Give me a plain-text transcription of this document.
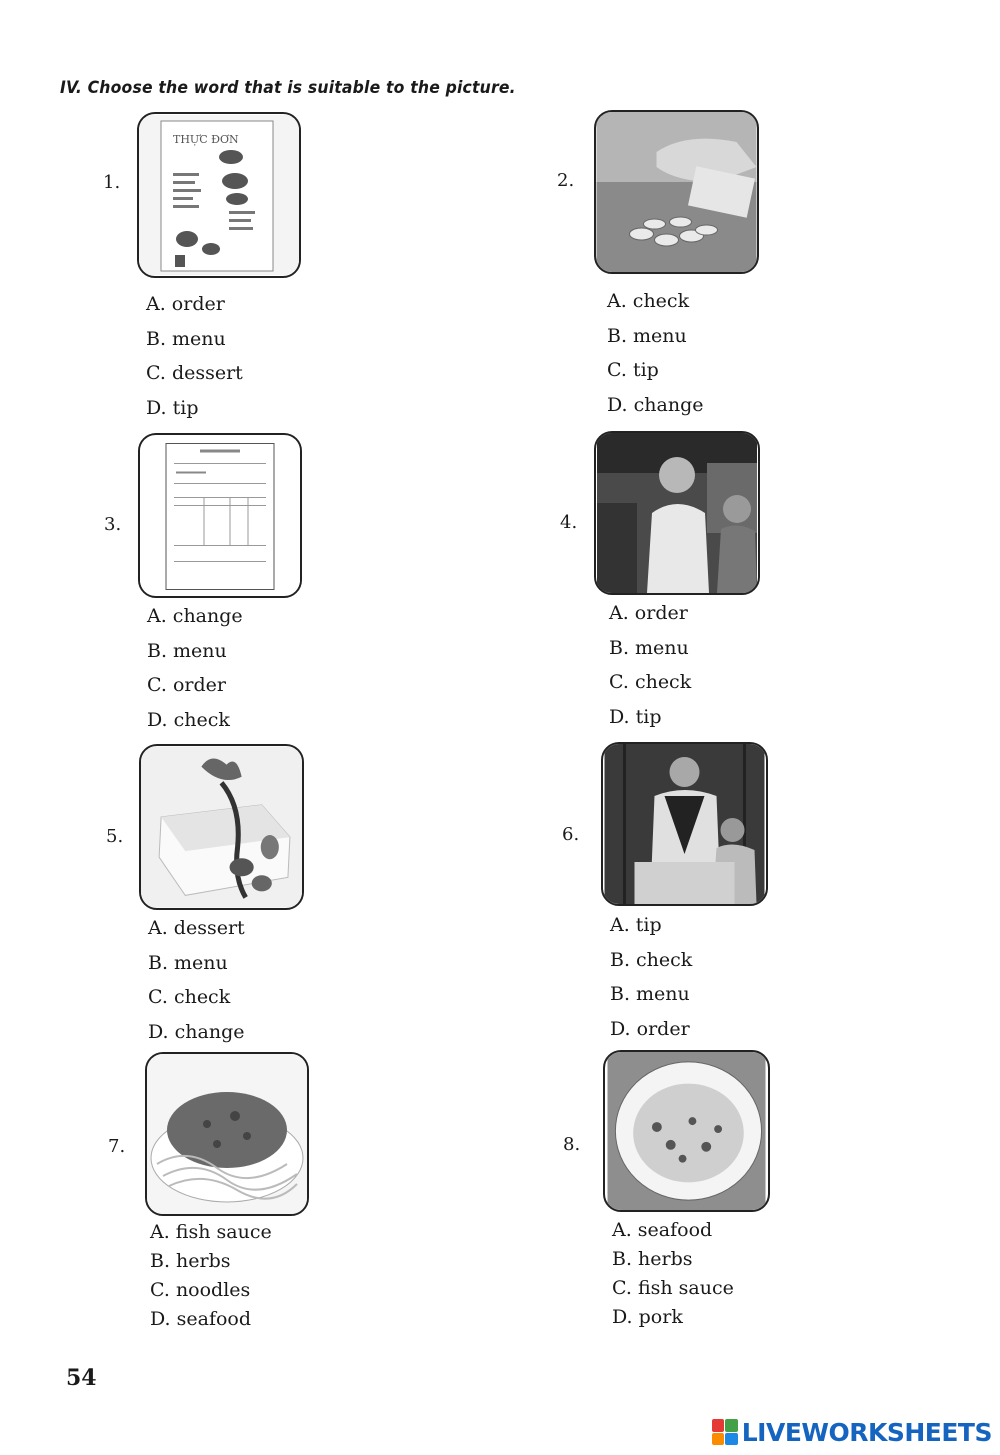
IV. Choose the word that is suitable to the picture.
1.
THỰC ĐƠN
A. order
B. menu
C. dessert
D. tip
2.
A. check
B. menu
C. tip
D. change
3.
A. change
B. menu
C. order
D. check
4.
A. order
B. menu
C. check
D. tip
5.
A. dessert
B. menu
C. check
D. change
6.
A. tip
B. check
B. menu
D. order
7.
A. fish sauce
B. herbs
C. noodles
D. seafood
8.
A. seafood
B. herbs
C. fish sauce
D. pork
54
LIVEWORKSHEETS
